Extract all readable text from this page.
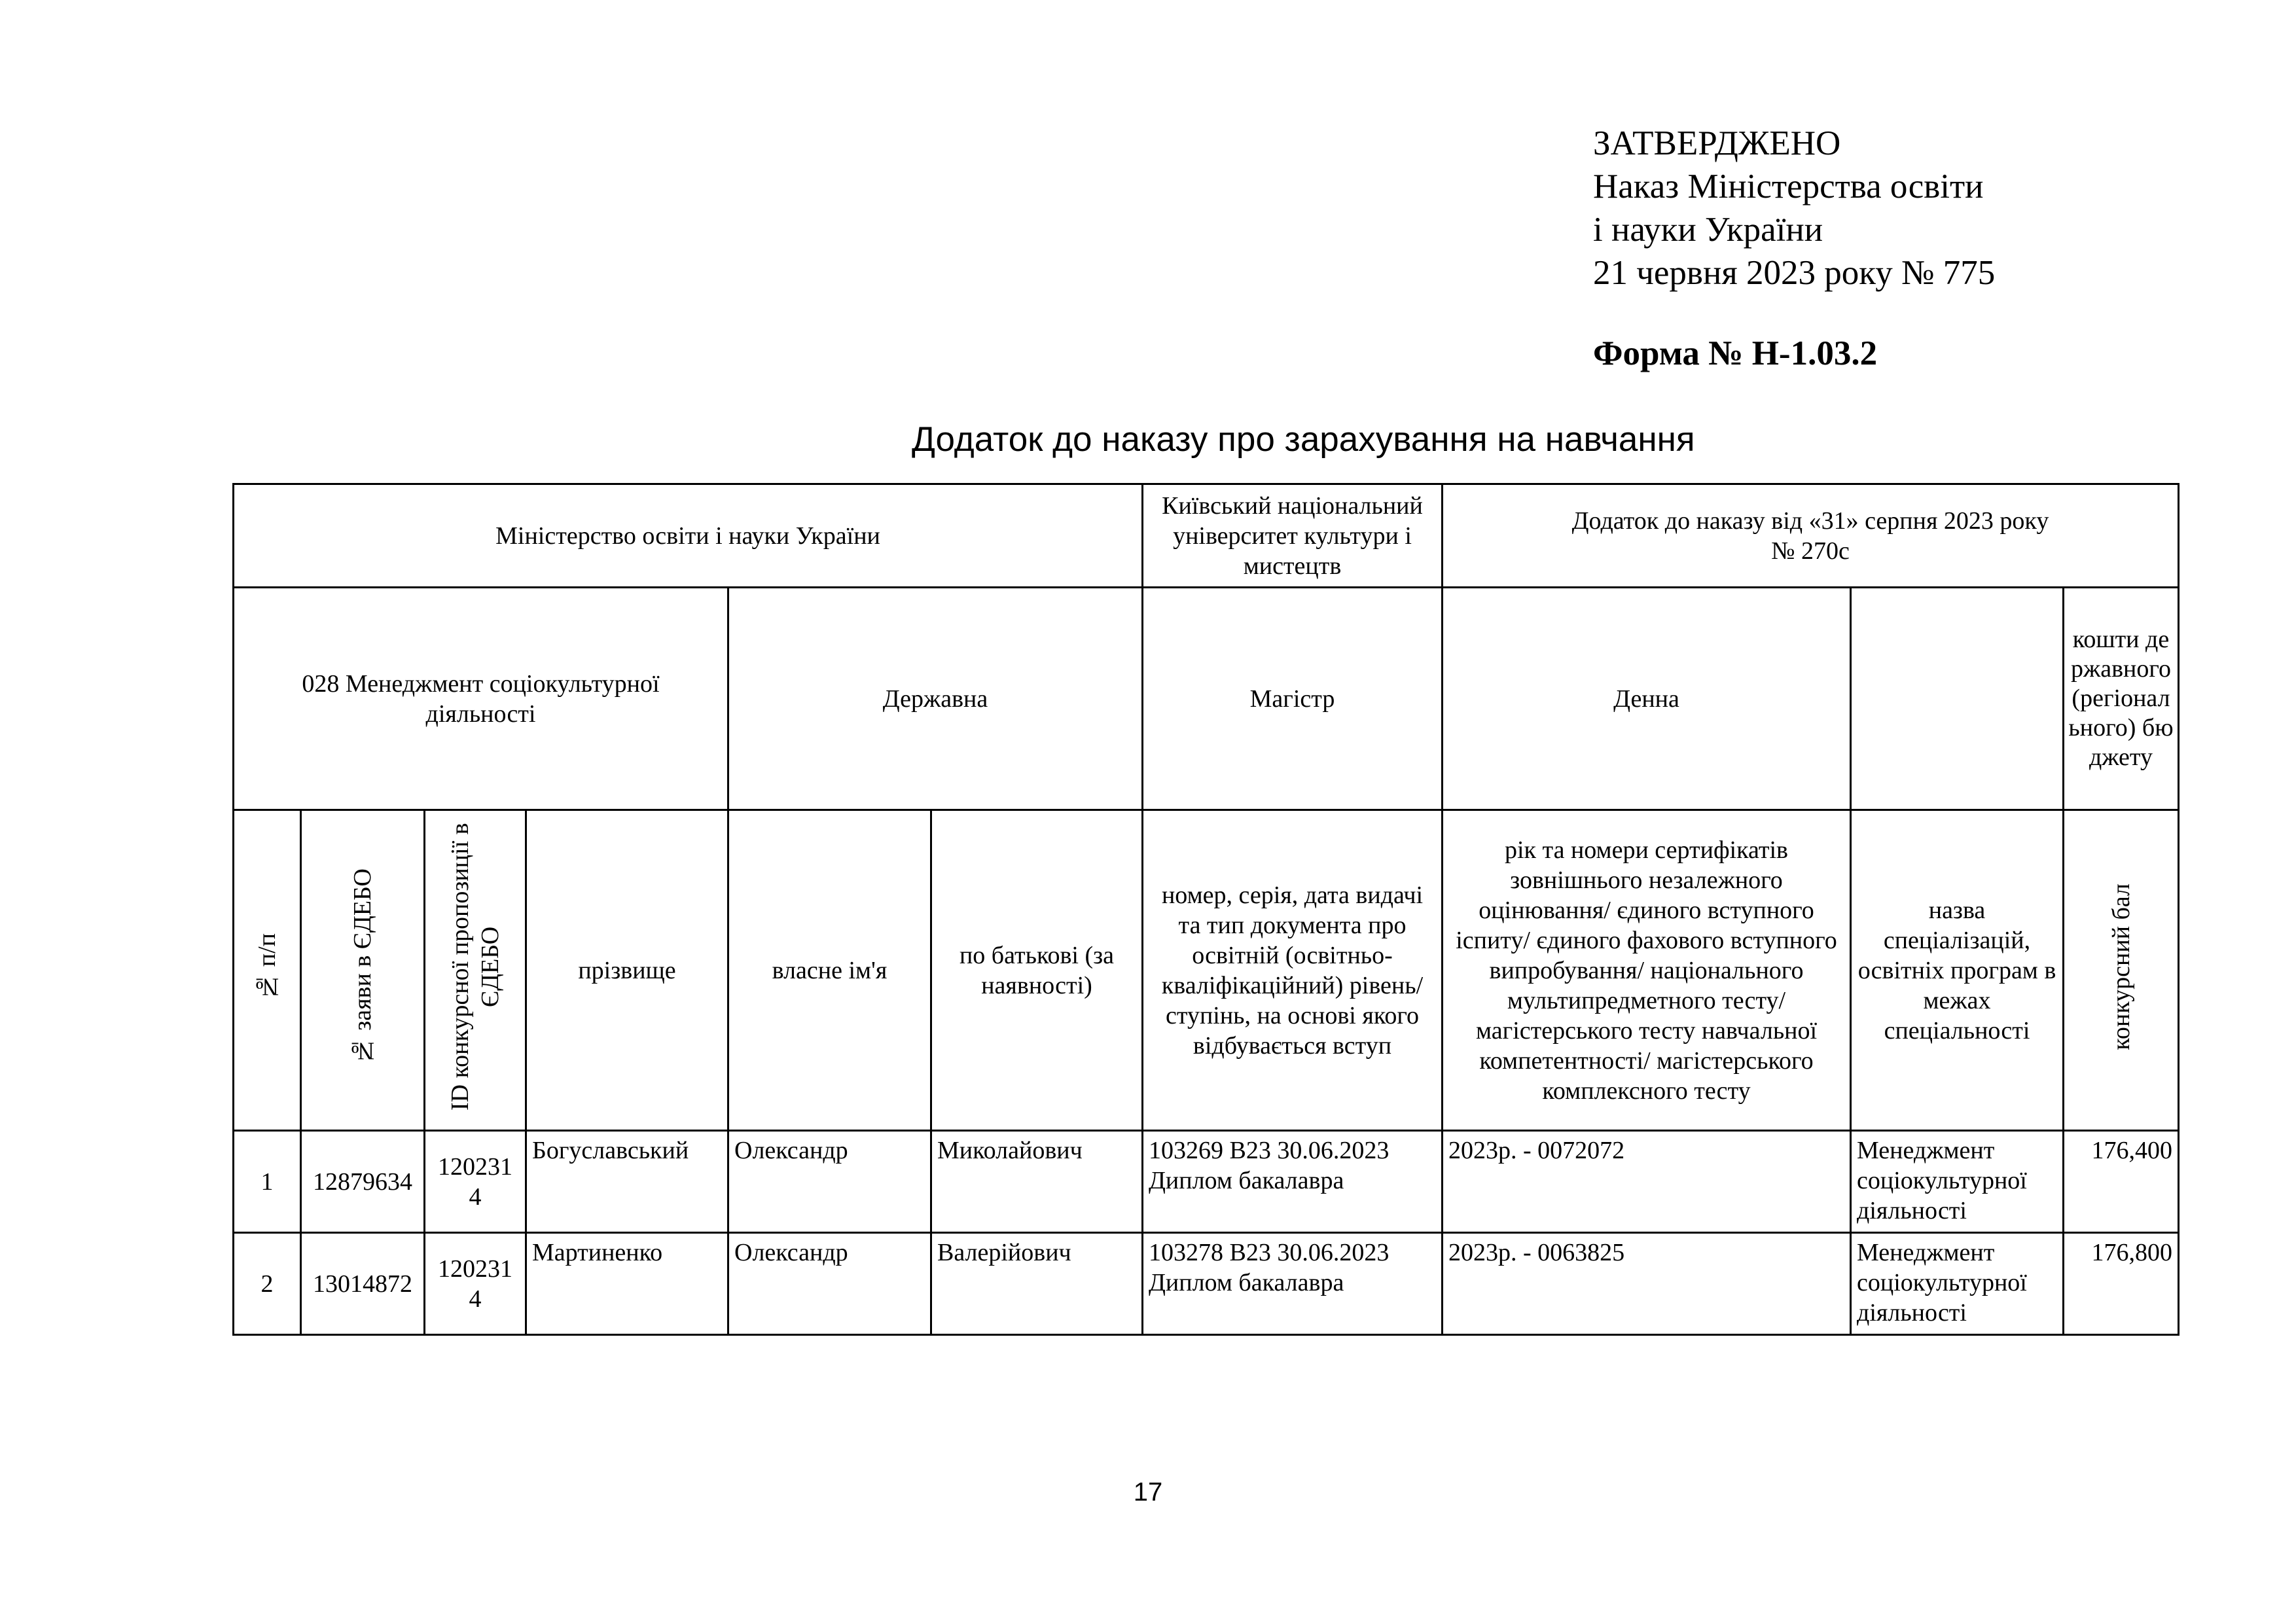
ЗАТВЕРДЖЕНО
Наказ Міністерства освіти
і науки України
21 червня 2023 року № 775
Форма № Н-1.03.2
Додаток до наказу про зарахування на навчання
Міністерство освіти і науки України						Київський національний університет культури і мистецтв	Додаток до наказу від «31» серпня 2023 року
№ 270с		

028 Менеджмент соціокультурної діяльності				Державна		Магістр	Денна		кошти державного (регіонального) бюджету
№ п/п	№ заяви в ЄДЕБО	ID конкурсної пропозиції в ЄДЕБО	прізвище	власне ім'я	по батькові (за наявності)	номер, серія, дата видачі та тип документа про освітній (освітньо-кваліфікаційний) рівень/ступінь, на основі якого відбувається вступ	рік та номери сертифікатів зовнішнього незалежного оцінювання/ єдиного вступного іспиту/ єдиного фахового вступного випробування/ національного мультипредметного тесту/ магістерського тесту навчальної компетентності/ магістерського комплексного тесту	назва спеціалізацій, освітніх програм в межах спеціальності	конкурсний бал
1	12879634	1202314	Богуславський	Олександр	Миколайович	103269 В23 30.06.2023 Диплом бакалавра	2023р. - 0072072	Менеджмент соціокультурної діяльності	176,400
2	13014872	1202314	Мартиненко	Олександр	Валерійович	103278 В23 30.06.2023 Диплом бакалавра	2023р. - 0063825	Менеджмент соціокультурної діяльності	176,800
17
